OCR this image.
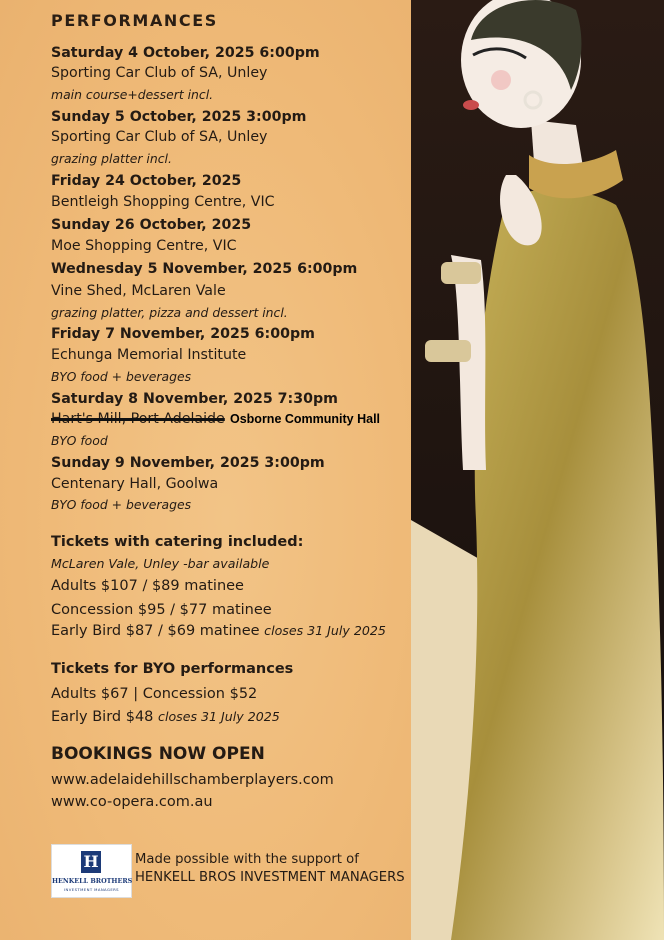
PERFORMANCES
Saturday 4 October, 2025 6:00pm
Sporting Car Club of SA, Unley
main course+dessert incl.
Sunday 5 October, 2025 3:00pm
Sporting Car Club of SA, Unley
grazing platter incl.
Friday 24 October, 2025
Bentleigh Shopping Centre, VIC
Sunday 26 October, 2025
Moe Shopping Centre, VIC
Wednesday 5 November, 2025 6:00pm
Vine Shed, McLaren Vale
grazing platter, pizza and dessert incl.
Friday 7 November, 2025 6:00pm
Echunga Memorial Institute
BYO food + beverages
Saturday 8 November, 2025 7:30pm
Hart's Mill, Port Adelaide
BYO food
Sunday 9 November, 2025 3:00pm
Centenary Hall, Goolwa
BYO food + beverages
Tickets with catering included:
McLaren Vale, Unley -bar available
Adults $107 / $89 matinee
Concession $95 / $77 matinee
Early Bird $87 / $69 matinee closes 31 July 2025
Tickets for BYO performances
Adults $67 | Concession $52
Early Bird $48 closes 31 July 2025
BOOKINGS NOW OPEN
www.adelaidehillschamberplayers.com
www.co-opera.com.au
H
HENKELL BROTHERS
INVESTMENT MANAGERS
Made possible with the support of
HENKELL BROS INVESTMENT MANAGERS
Osborne Community Hall
